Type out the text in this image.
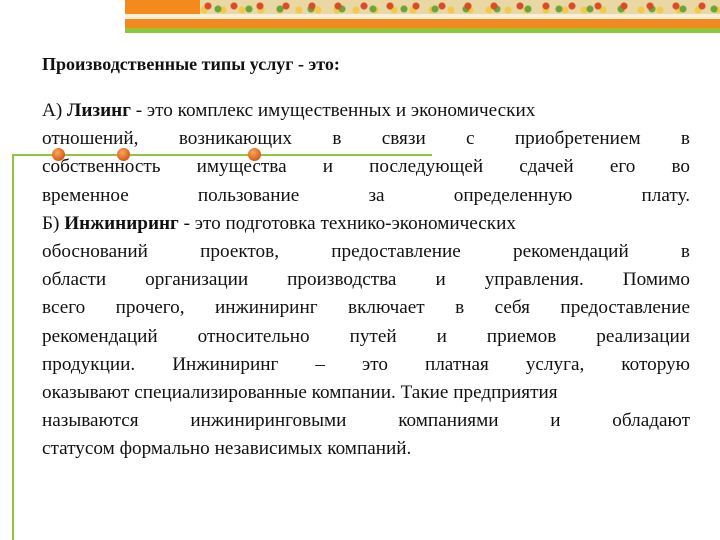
Производственные типы услуг - это:
А) Лизинг - это комплекс имущественных и экономических
отношений, возникающих в связи с приобретением в
собственность имущества и последующей сдачей его во
временное пользование за определенную плату.
Б) Инжиниринг - это подготовка технико-экономических
обоснований проектов, предоставление рекомендаций в
области организации производства и управления. Помимо
всего прочего, инжиниринг включает в себя предоставление
рекомендаций относительно путей и приемов реализации
продукции. Инжиниринг – это платная услуга, которую
оказывают специализированные компании. Такие предприятия
называются инжиниринговыми компаниями и обладают
статусом формально независимых компаний.
